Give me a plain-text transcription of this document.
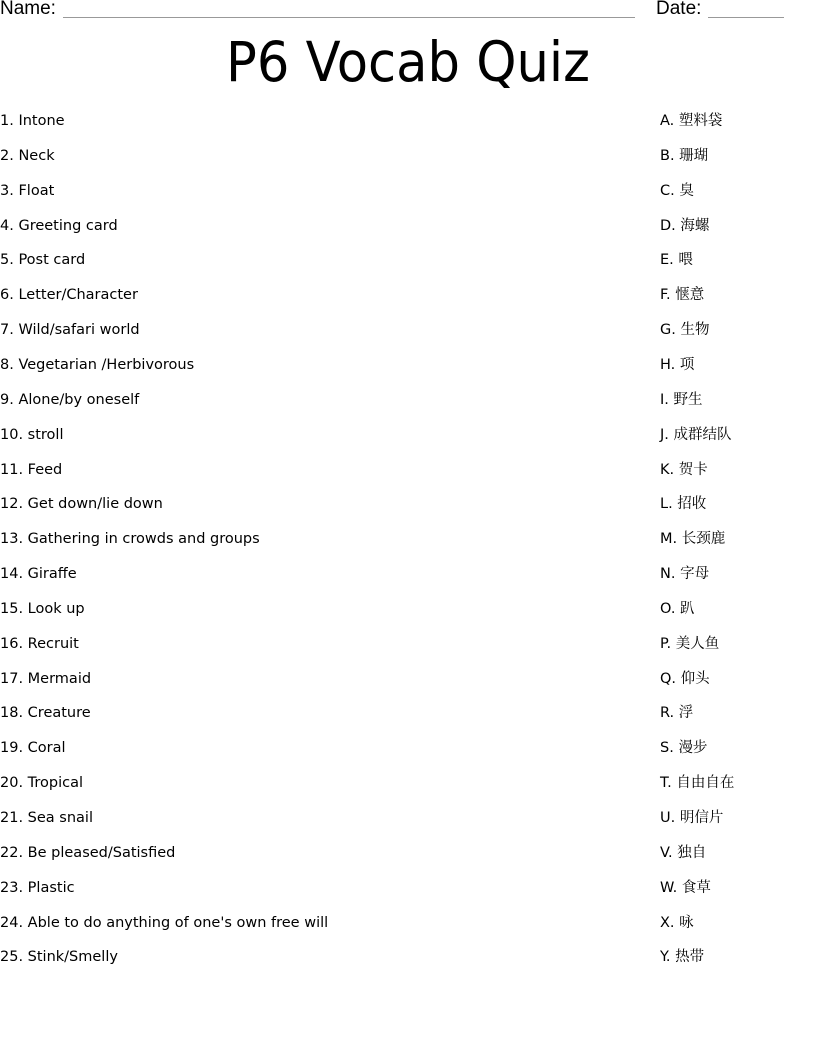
Name:	Date:
P6 Vocab Quiz
1. Intone
2. Neck
3. Float
4. Greeting card
5. Post card
6. Letter/Character
7. Wild/safari world
8. Vegetarian /Herbivorous
9. Alone/by oneself
10. stroll
11. Feed
12. Get down/lie down
13. Gathering in crowds and groups
14. Giraffe
15. Look up
16. Recruit
17. Mermaid
18. Creature
19. Coral
20. Tropical
21. Sea snail
22. Be pleased/Satisfied
23. Plastic
24. Able to do anything of one's own free will
25. Stink/Smelly
A. 塑料袋
B. 珊瑚
C. 臭
D. 海螺
E. 喂
F. 惬意
G. 生物
H. 项
I. 野生
J. 成群结队
K. 贺卡
L. 招收
M. 长颈鹿
N. 字母
O. 趴
P. 美人鱼
Q. 仰头
R. 浮
S. 漫步
T. 自由自在
U. 明信片
V. 独自
W. 食草
X. 咏
Y. 热带
